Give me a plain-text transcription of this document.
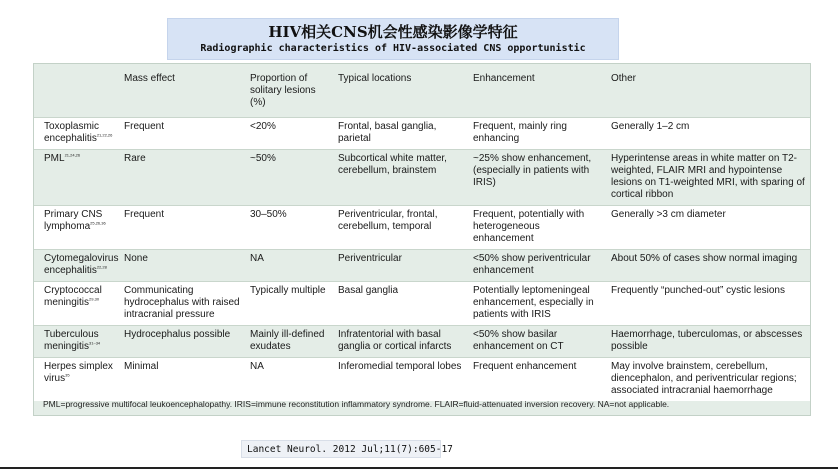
HIV相关CNS机会性感染影像学特征
Radiographic characteristics of HIV-associated CNS opportunistic
	Mass effect	Proportion of solitary lesions (%)	Typical locations	Enhancement	Other
Toxoplasmic encephalitis$^{21,22,26}$	Frequent	<20%	Frontal, basal ganglia, parietal	Frequent, mainly ring enhancing	Generally 1–2 cm
PML$^{21,24,26}$	Rare	~50%	Subcortical white matter, cerebellum, brainstem	~25% show enhancement, (especially in patients with IRIS)	Hyperintense areas in white matter on T2-weighted, FLAIR MRI and hypointense lesions on T1-weighted MRI, with sparing of cortical ribbon
Primary CNS lymphoma$^{25,26,36}$	Frequent	30–50%	Periventricular, frontal, cerebellum, temporal	Frequent, potentially with heterogeneous enhancement	Generally >3 cm diameter
Cytomegalovirus encephalitis$^{22,28}$	None	NA	Periventricular	<50% show periventricular enhancement	About 50% of cases show normal imaging
Cryptococcal meningitis$^{29,30}$	Communicating hydrocephalus with raised intracranial pressure	Typically multiple	Basal ganglia	Potentially leptomeningeal enhancement, especially in patients with IRIS	Frequently “punched-out” cystic lesions
Tuberculous meningitis$^{31-34}$	Hydrocephalus possible	Mainly ill-defined exudates	Infratentorial with basal ganglia or cortical infarcts	<50% show basilar enhancement on CT	Haemorrhage, tuberculomas, or abscesses possible
Herpes simplex virus$^{35}$	Minimal	NA	Inferomedial temporal lobes	Frequent enhancement	May involve brainstem, cerebellum, diencephalon, and periventricular regions; associated intracranial haemorrhage
PML=progressive multifocal leukoencephalopathy. IRIS=immune reconstitution inflammatory syndrome. FLAIR=fluid-attenuated inversion recovery. NA=not applicable.
Lancet Neurol. 2012 Jul;11(7):605-17
